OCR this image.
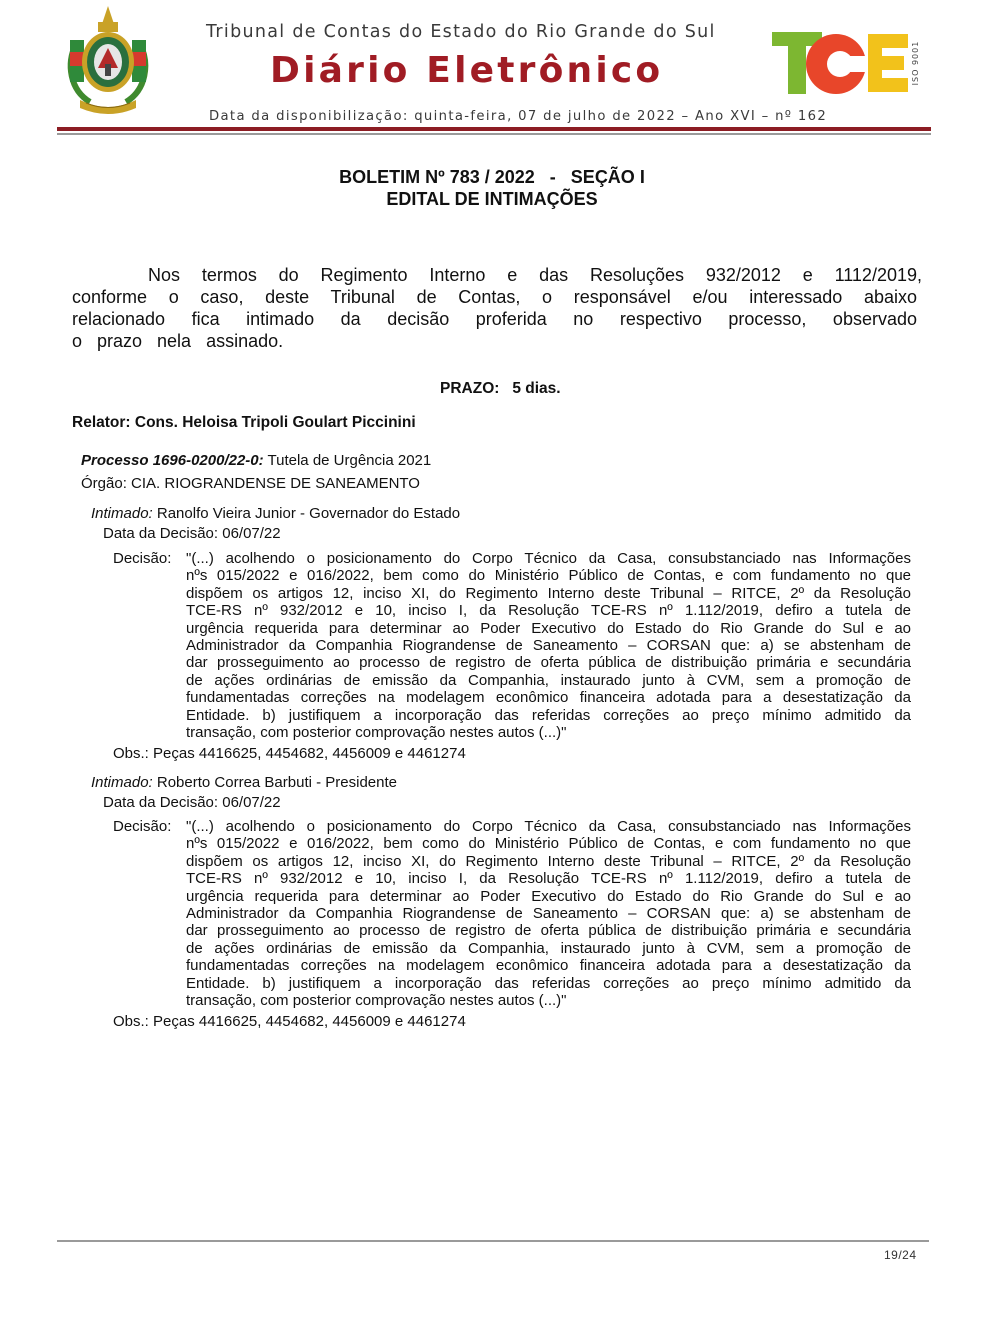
Tribunal de Contas do Estado do Rio Grande do Sul
Diário Eletrônico
Data da disponibilização: quinta-feira, 07 de julho de 2022 – Ano XVI – nº 162
ISO 9001
BOLETIM Nº 783 / 2022   -   SEÇÃO I
EDITAL DE INTIMAÇÕES
Nos termos do Regimento Interno e das Resoluções 932/2012 e 1112/2019,
conforme o caso, deste Tribunal de Contas, o responsável e/ou interessado abaixo
relacionado fica intimado da decisão proferida no respectivo processo, observado
o prazo nela assinado.
PRAZO:   5 dias.
Relator: Cons. Heloisa Tripoli Goulart Piccinini
Processo 1696-0200/22-0: Tutela de Urgência 2021
Órgão: CIA. RIOGRANDENSE DE SANEAMENTO
Intimado: Ranolfo Vieira Junior - Governador do Estado
Data da Decisão: 06/07/22
Decisão: "(...) acolhendo o posicionamento do Corpo Técnico da Casa, consubstanciado nas Informações
nºs 015/2022 e 016/2022, bem como do Ministério Público de Contas, e com fundamento no que
dispõem os artigos 12, inciso XI, do Regimento Interno deste Tribunal – RITCE, 2º da Resolução
TCE-RS nº 932/2012 e 10, inciso I, da Resolução TCE-RS nº 1.112/2019, defiro a tutela de
urgência requerida para determinar ao Poder Executivo do Estado do Rio Grande do Sul e ao
Administrador da Companhia Riograndense de Saneamento – CORSAN que: a) se abstenham de
dar prosseguimento ao processo de registro de oferta pública de distribuição primária e secundária
de ações ordinárias de emissão da Companhia, instaurado junto à CVM, sem a promoção de
fundamentadas correções na modelagem econômico financeira adotada para a desestatização da
Entidade. b) justifiquem a incorporação das referidas correções ao preço mínimo admitido da
transação, com posterior comprovação nestes autos (...)"
Obs.: Peças 4416625, 4454682, 4456009 e 4461274
Intimado: Roberto Correa Barbuti - Presidente
Data da Decisão: 06/07/22
Decisão: "(...) acolhendo o posicionamento do Corpo Técnico da Casa, consubstanciado nas Informações
nºs 015/2022 e 016/2022, bem como do Ministério Público de Contas, e com fundamento no que
dispõem os artigos 12, inciso XI, do Regimento Interno deste Tribunal – RITCE, 2º da Resolução
TCE-RS nº 932/2012 e 10, inciso I, da Resolução TCE-RS nº 1.112/2019, defiro a tutela de
urgência requerida para determinar ao Poder Executivo do Estado do Rio Grande do Sul e ao
Administrador da Companhia Riograndense de Saneamento – CORSAN que: a) se abstenham de
dar prosseguimento ao processo de registro de oferta pública de distribuição primária e secundária
de ações ordinárias de emissão da Companhia, instaurado junto à CVM, sem a promoção de
fundamentadas correções na modelagem econômico financeira adotada para a desestatização da
Entidade. b) justifiquem a incorporação das referidas correções ao preço mínimo admitido da
transação, com posterior comprovação nestes autos (...)"
Obs.: Peças 4416625, 4454682, 4456009 e 4461274
19/24
